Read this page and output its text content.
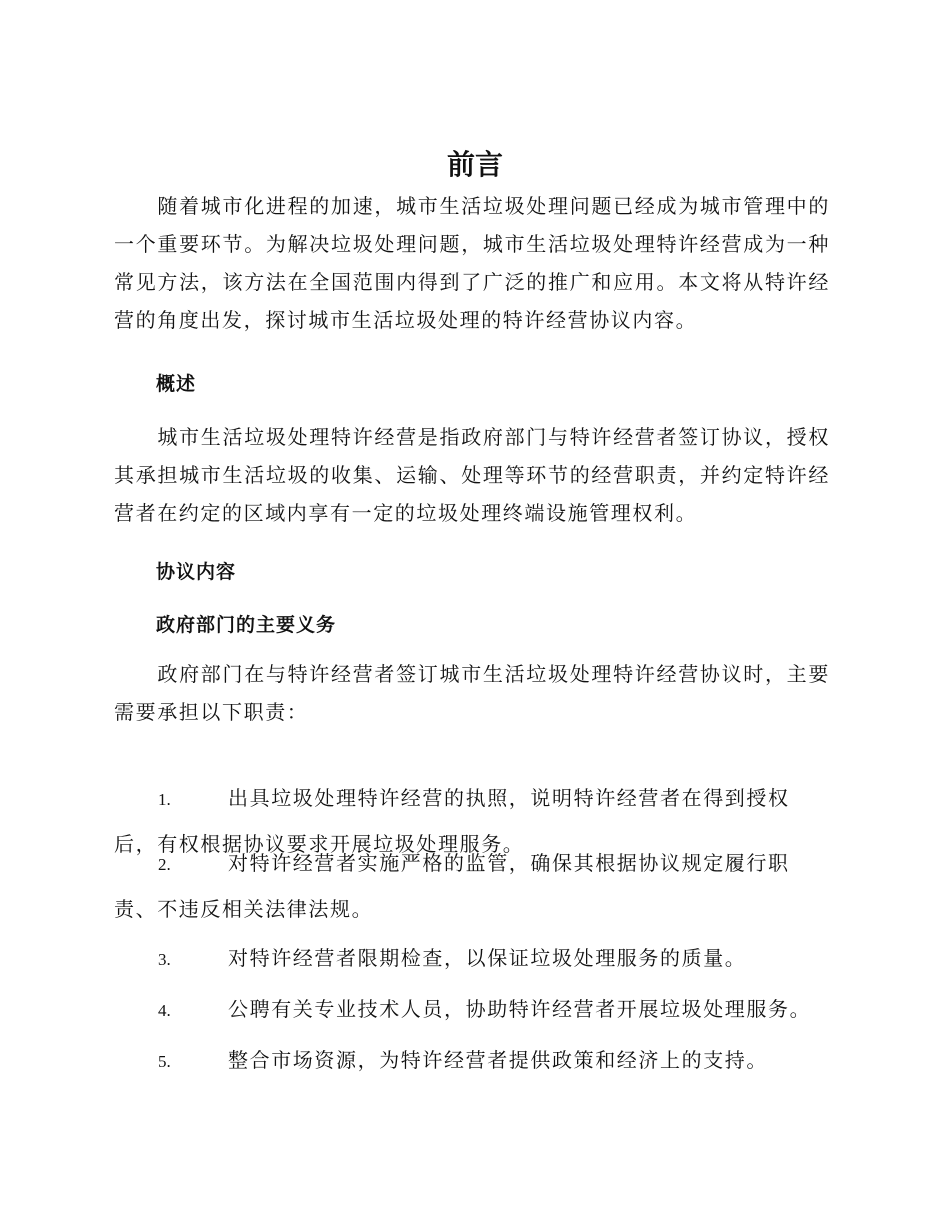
前言

　　随着城市化进程的加速，城市生活垃圾处理问题已经成为城市管理中的一个重要环节。为解决垃圾处理问题，城市生活垃圾处理特许经营成为一种常见方法，该方法在全国范围内得到了广泛的推广和应用。本文将从特许经营的角度出发，探讨城市生活垃圾处理的特许经营协议内容。

概述

　　城市生活垃圾处理特许经营是指政府部门与特许经营者签订协议，授权其承担城市生活垃圾的收集、运输、处理等环节的经营职责，并约定特许经营者在约定的区域内享有一定的垃圾处理终端设施管理权利。

协议内容
政府部门的主要义务

　　政府部门在与特许经营者签订城市生活垃圾处理特许经营协议时，主要需要承担以下职责：

1.	出具垃圾处理特许经营的执照，说明特许经营者在得到授权后，有权根据协议要求开展垃圾处理服务。

2.	对特许经营者实施严格的监管，确保其根据协议规定履行职责、不违反相关法律法规。

3.	对特许经营者限期检查，以保证垃圾处理服务的质量。

4.	公聘有关专业技术人员，协助特许经营者开展垃圾处理服务。

5.	整合市场资源，为特许经营者提供政策和经济上的支持。
